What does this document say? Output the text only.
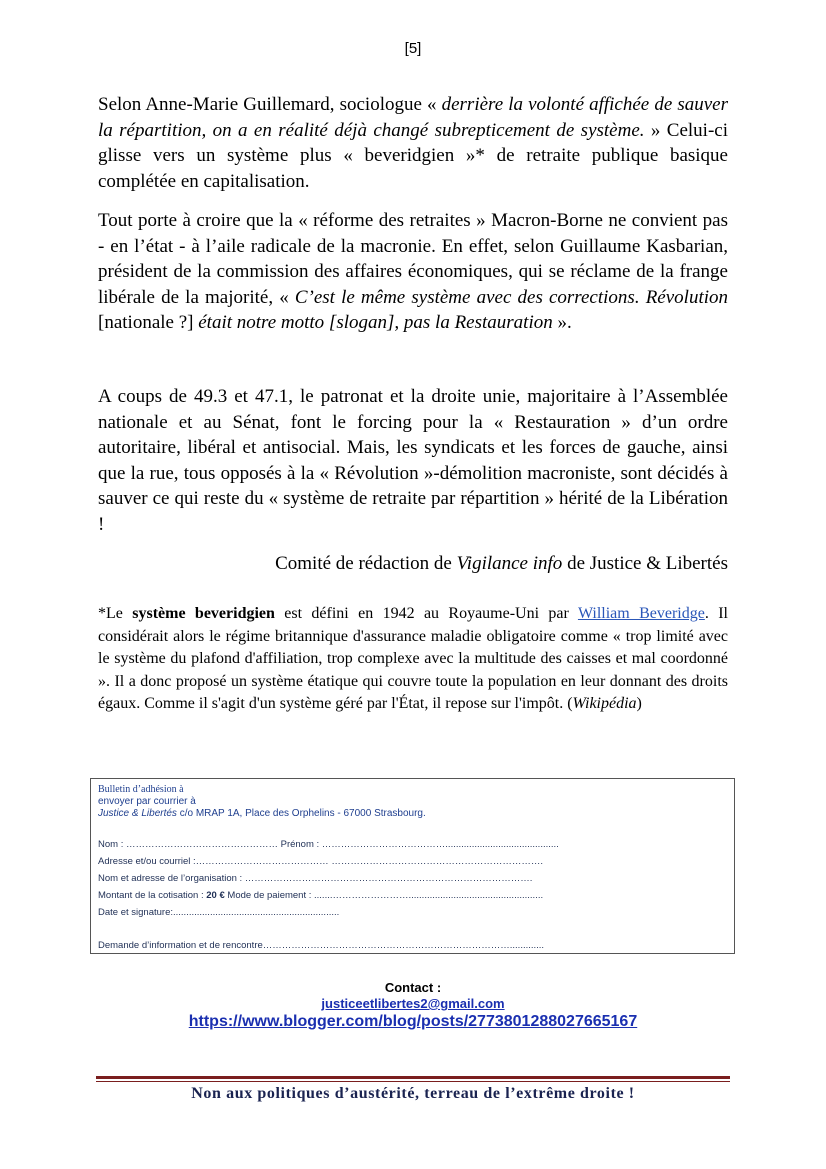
[5]

Selon Anne-Marie Guillemard, sociologue « derrière la volonté affichée de sauver la répartition, on a en réalité déjà changé subrepticement de système. » Celui-ci glisse vers un système plus « beveridgien »* de retraite publique basique complétée en capitalisation.

Tout porte à croire que la « réforme des retraites » Macron-Borne ne convient pas - en l’état - à l’aile radicale de la macronie. En effet, selon Guillaume Kasbarian, président de la commission des affaires économiques, qui se réclame de la frange libérale de la majorité, « C’est le même système avec des corrections. Révolution [nationale ?] était notre motto [slogan], pas la Restauration ».

A coups de 49.3 et 47.1, le patronat et la droite unie, majoritaire à l’Assemblée nationale et au Sénat, font le forcing pour la « Restauration » d’un ordre autoritaire, libéral et antisocial. Mais, les syndicats et les forces de gauche, ainsi que la rue, tous opposés à la « Révolution »-démolition macroniste, sont décidés à sauver ce qui reste du « système de retraite par répartition » hérité de la Libération !

Comité de rédaction de Vigilance info de Justice & Libertés

*Le système beveridgien est défini en 1942 au Royaume-Uni par William Beveridge. Il considérait alors le régime britannique d'assurance maladie obligatoire comme « trop limité avec le système du plafond d'affiliation, trop complexe avec la multitude des caisses et mal coordonné ». Il a donc proposé un système étatique qui couvre toute la population en leur donnant des droits égaux. Comme il s'agit d'un système géré par l'État, il repose sur l'impôt. (Wikipédia)

Bulletin d’adhésion à
envoyer par courrier à
Justice & Libertés c/o MRAP 1A, Place des Orphelins - 67000 Strasbourg.
Nom : ………………………………………… Prénom : …………………………………...........................................
Adresse et/ou courriel :…………………………………… ………………………………………………………….
Nom et adresse de l’organisation : ……………………………………………………………………………….
Montant de la cotisation : 20 € Mode de paiement : .......……………………...................................................
Date et signature:...............................................................
Demande d’information et de rencontre…………………………………………………………………….............
Contact :
justiceetlibertes2@gmail.com
https://www.blogger.com/blog/posts/2773801288027665167
Non aux politiques d’austérité, terreau de l’extrême droite !
